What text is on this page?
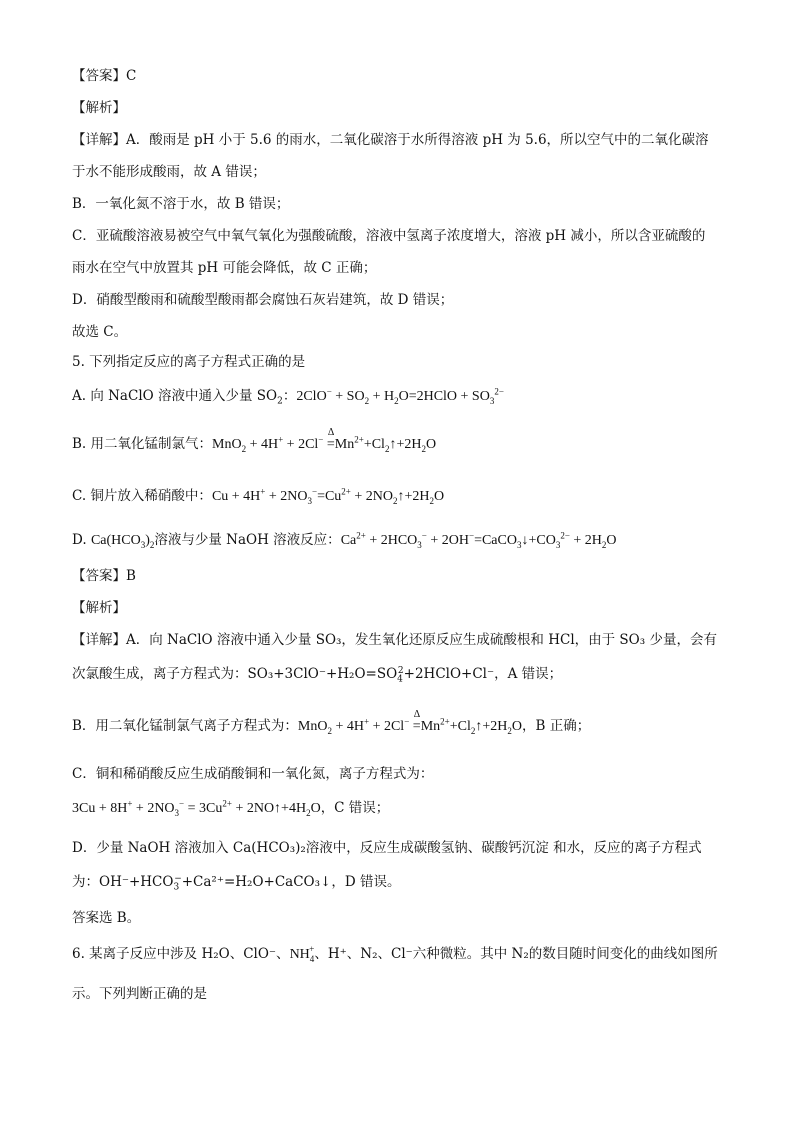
【答案】C
【解析】
【详解】A．酸雨是 pH 小于 5.6 的雨水，二氧化碳溶于水所得溶液 pH 为 5.6，所以空气中的二氧化碳溶
于水不能形成酸雨，故 A 错误；
B．一氧化氮不溶于水，故 B 错误；
C．亚硫酸溶液易被空气中氧气氧化为强酸硫酸，溶液中氢离子浓度增大，溶液 pH 减小，所以含亚硫酸的
雨水在空气中放置其 pH 可能会降低，故 C 正确；
D．硝酸型酸雨和硫酸型酸雨都会腐蚀石灰岩建筑，故 D 错误；
故选 C。
5. 下列指定反应的离子方程式正确的是
A. 向 NaClO 溶液中通入少量 $SO_2$：$2ClO^- + SO_2$ + $H_2O=2HClO + SO_3^{2-}$
B. 用二氧化锰制氯气：MnO$_2$ + 4H+ + 2Cl− $\Delta =Mn^{2+}+Cl_2↑+2H_2O$
C. 铜片放入稀硝酸中：$Cu + 4H^+ + 2NO_3^-=Cu^{2+}$ + $2NO_2↑+2H_2O$
D. $Ca(HCO_3)_2$溶液与少量 NaOH 溶液反应：$Ca^{2+} + 2HCO_3^-$ + $2OH^-=CaCO_3↓+CO_3^{2-} + 2H_2O$
【答案】B
【解析】
【详解】A．向 NaClO 溶液中通入少量 SO₃，发生氧化还原反应生成硫酸根和 HCl，由于 SO₃ 少量，会有
次氯酸生成，离子方程式为：$SO_3+3ClO^-+H_2O=SO_4^2+2HClO+Cl^-$，A 错误；
B．用二氧化锰制氯气离子方程式为：MnO$_2$ + 4H+ + 2Cl− $\Delta =Mn^{2+}+Cl_2↑+2H_2O$，B 正确；
C．铜和稀硝酸反应生成硝酸铜和一氧化氮，离子方程式为：
$3Cu + 8H^+ + 2NO_3^- = 3Cu^{2+}$ + $2NO↑+4H_2O$，C 错误；
D．少量 NaOH 溶液加入 Ca(HCO₃)₂溶液中，反应生成碳酸氢钠、碳酸钙沉淀 和水，反应的离子方程式
为：$OH^-+HCO_3^-+Ca^{2+}=H_2O+CaCO_3↓$，D 错误。
答案选 B。
6. 某离子反应中涉及 H₂O、ClO⁻、$NH_4^+$、H⁺、N₂、Cl⁻六种微粒。其中 N₂的数目随时间变化的曲线如图所
示。下列判断正确的是
